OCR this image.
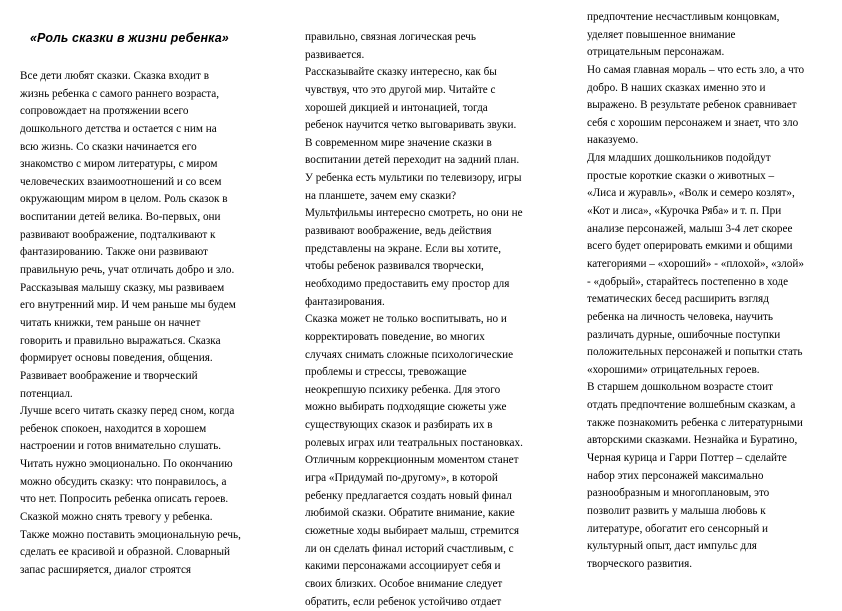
«Роль сказки в жизни ребенка»
Все дети любят сказки. Сказка входит в
жизнь ребенка с самого раннего возраста,
сопровождает на протяжении всего
дошкольного детства и остается с ним на
всю жизнь. Со сказки начинается его
знакомство с миром литературы, с миром
человеческих взаимоотношений и со всем
окружающим миром в целом. Роль сказок в
воспитании детей велика. Во-первых, они
развивают воображение, подталкивают к
фантазированию. Также они развивают
правильную речь, учат отличать добро и зло.
Рассказывая малышу сказку, мы развиваем
его внутренний мир. И чем раньше мы будем
читать книжки, тем раньше он начнет
говорить и правильно выражаться. Сказка
формирует основы поведения, общения.
Развивает воображение и творческий
потенциал.
Лучше всего читать сказку перед сном, когда
ребенок спокоен, находится в хорошем
настроении и готов внимательно слушать.
Читать нужно эмоционально. По окончанию
можно обсудить сказку: что понравилось, а
что нет. Попросить ребенка описать героев.
Сказкой можно снять тревогу у ребенка.
Также можно поставить эмоциональную речь,
сделать ее красивой и образной. Словарный
запас расширяется, диалог строятся
правильно, связная логическая речь
развивается.
Рассказывайте сказку интересно, как бы
чувствуя, что это другой мир. Читайте с
хорошей дикцией и интонацией, тогда
ребенок научится четко выговаривать звуки.
В современном мире значение сказки в
воспитании детей переходит на задний план.
У ребенка есть мультики по телевизору, игры
на планшете, зачем ему сказки?
Мультфильмы интересно смотреть, но они не
развивают воображение, ведь действия
представлены на экране. Если вы хотите,
чтобы ребенок развивался творчески,
необходимо предоставить ему простор для
фантазирования.
Сказка может не только воспитывать, но и
корректировать поведение, во многих
случаях снимать сложные психологические
проблемы и стрессы, тревожащие
неокрепшую психику ребенка. Для этого
можно выбирать подходящие сюжеты уже
существующих сказок и разбирать их в
ролевых играх или театральных постановках.
Отличным коррекционным моментом станет
игра «Придумай по-другому», в которой
ребенку предлагается создать новый финал
любимой сказки. Обратите внимание, какие
сюжетные ходы выбирает малыш, стремится
ли он сделать финал историй счастливым, с
какими персонажами ассоциирует себя и
своих близких. Особое внимание следует
обратить, если ребенок устойчиво отдает
предпочтение несчастливым концовкам,
уделяет повышенное внимание
отрицательным персонажам.
Но самая главная мораль – что есть зло, а что
добро. В наших сказках именно это и
выражено. В результате ребенок сравнивает
себя с хорошим персонажем и знает, что зло
наказуемо.
Для младших дошкольников подойдут
простые короткие сказки о животных –
«Лиса и журавль», «Волк и семеро козлят»,
«Кот и лиса», «Курочка Ряба» и т. п. При
анализе персонажей, малыш 3-4 лет скорее
всего будет оперировать емкими и общими
категориями – «хороший» - «плохой», «злой»
- «добрый», старайтесь постепенно в ходе
тематических бесед расширить взгляд
ребенка на личность человека, научить
различать дурные, ошибочные поступки
положительных персонажей и попытки стать
«хорошими» отрицательных героев.
В старшем дошкольном возрасте стоит
отдать предпочтение волшебным сказкам, а
также познакомить ребенка с литературными
авторскими сказками. Незнайка и Буратино,
Черная курица и Гарри Поттер – сделайте
набор этих персонажей максимально
разнообразным и многоплановым, это
позволит развить у малыша любовь к
литературе, обогатит его сенсорный и
культурный опыт, даст импульс для
творческого развития.
